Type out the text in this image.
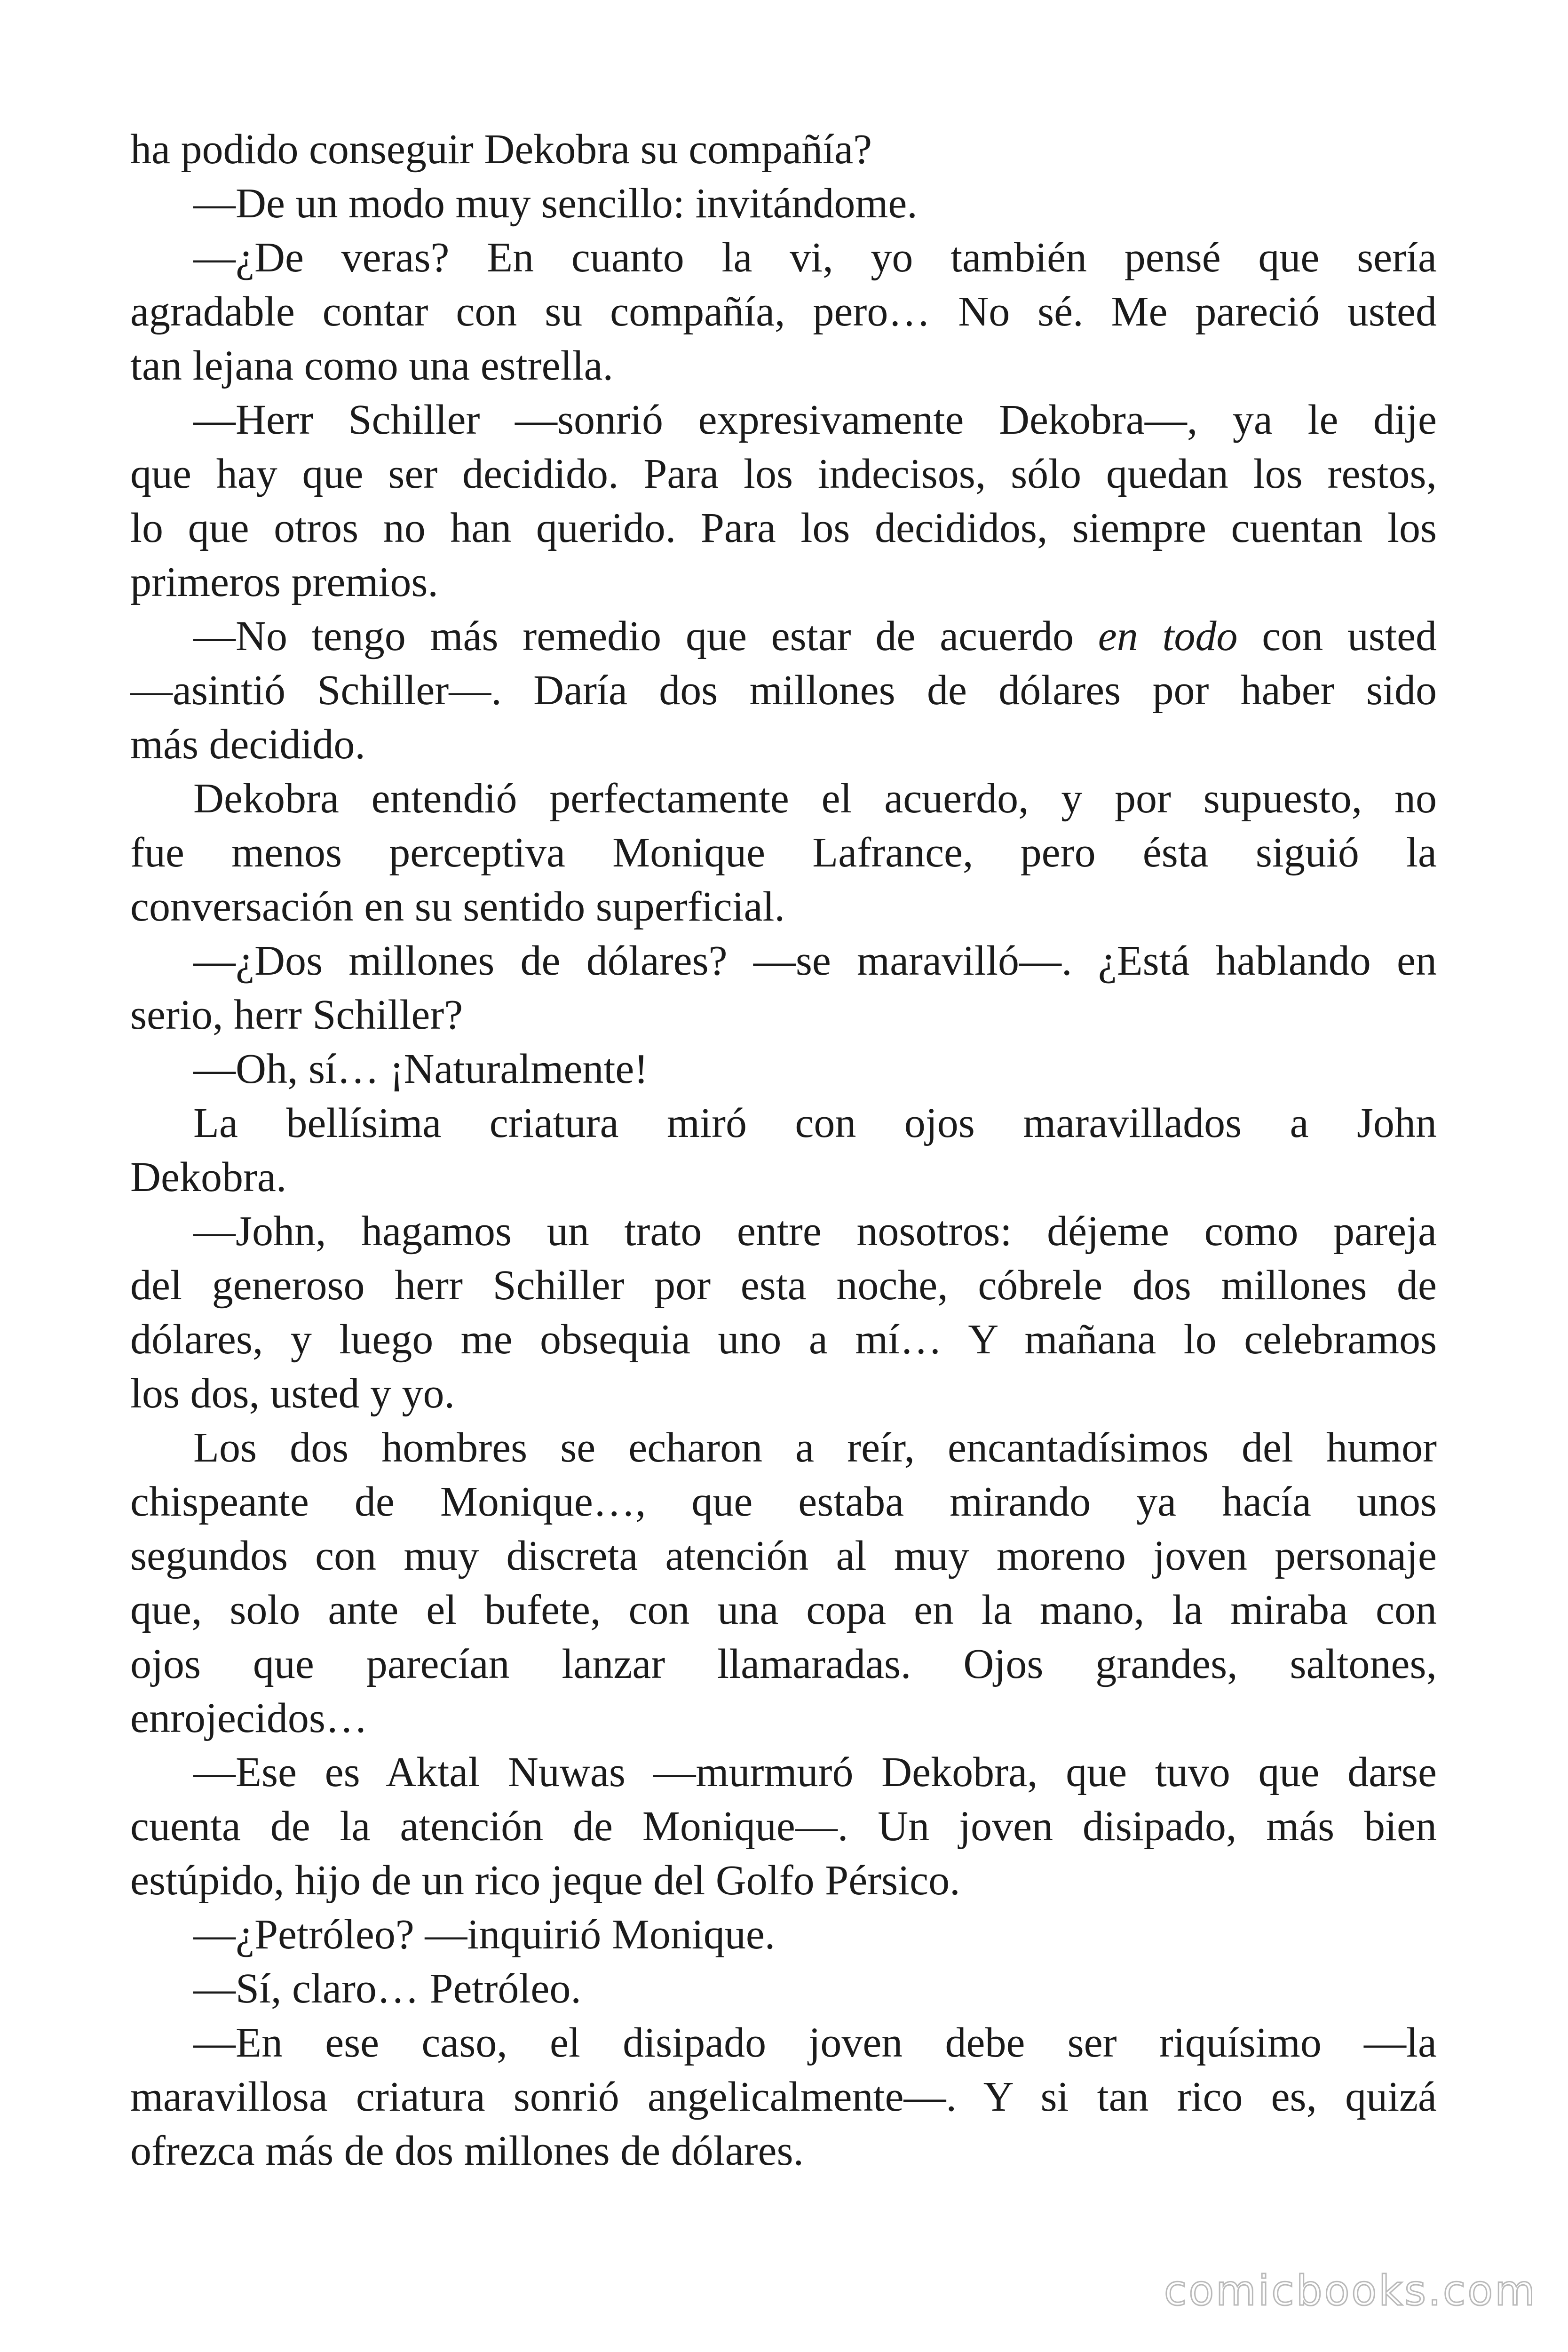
ha podido conseguir Dekobra su compañía?
—De un modo muy sencillo: invitándome.
—¿De veras? En cuanto la vi, yo también pensé que sería
agradable contar con su compañía, pero… No sé. Me pareció usted
tan lejana como una estrella.
—Herr Schiller —sonrió expresivamente Dekobra—, ya le dije
que hay que ser decidido. Para los indecisos, sólo quedan los restos,
lo que otros no han querido. Para los decididos, siempre cuentan los
primeros premios.
—No tengo más remedio que estar de acuerdo en todo con usted
—asintió Schiller—. Daría dos millones de dólares por haber sido
más decidido.
Dekobra entendió perfectamente el acuerdo, y por supuesto, no
fue menos perceptiva Monique Lafrance, pero ésta siguió la
conversación en su sentido superficial.
—¿Dos millones de dólares? —se maravilló—. ¿Está hablando en
serio, herr Schiller?
—Oh, sí… ¡Naturalmente!
La bellísima criatura miró con ojos maravillados a John
Dekobra.
—John, hagamos un trato entre nosotros: déjeme como pareja
del generoso herr Schiller por esta noche, cóbrele dos millones de
dólares, y luego me obsequia uno a mí… Y mañana lo celebramos
los dos, usted y yo.
Los dos hombres se echaron a reír, encantadísimos del humor
chispeante de Monique…, que estaba mirando ya hacía unos
segundos con muy discreta atención al muy moreno joven personaje
que, solo ante el bufete, con una copa en la mano, la miraba con
ojos que parecían lanzar llamaradas. Ojos grandes, saltones,
enrojecidos…
—Ese es Aktal Nuwas —murmuró Dekobra, que tuvo que darse
cuenta de la atención de Monique—. Un joven disipado, más bien
estúpido, hijo de un rico jeque del Golfo Pérsico.
—¿Petróleo? —inquirió Monique.
—Sí, claro… Petróleo.
—En ese caso, el disipado joven debe ser riquísimo —la
maravillosa criatura sonrió angelicalmente—. Y si tan rico es, quizá
ofrezca más de dos millones de dólares.
comicbooks.com
